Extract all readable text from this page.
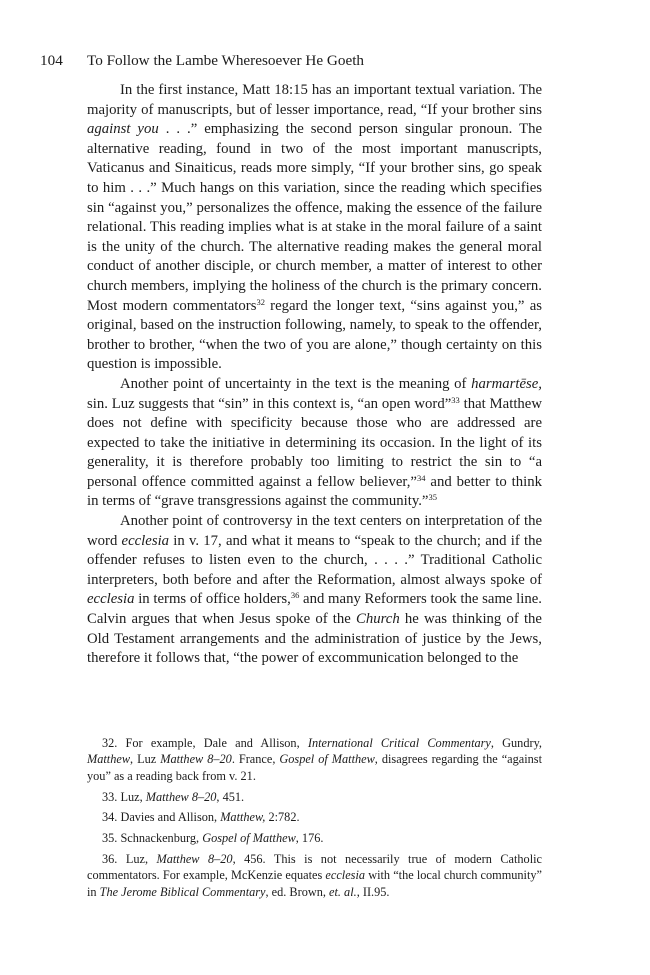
104 To Follow the Lambe Wheresoever He Goeth

In the first instance, Matt 18:15 has an important textual variation. The majority of manuscripts, but of lesser importance, read, “If your brother sins against you . . .” emphasizing the second person singular pronoun. The alternative reading, found in two of the most important manuscripts, Vaticanus and Sinaiticus, reads more simply, “If your brother sins, go speak to him . . .” Much hangs on this variation, since the reading which specifies sin “against you,” personalizes the offence, making the essence of the failure relational. This reading implies what is at stake in the moral failure of a saint is the unity of the church. The alternative reading makes the general moral conduct of another disciple, or church member, a matter of interest to other church members, implying the holiness of the church is the primary concern. Most modern commentators$^{32}$ regard the longer text, “sins against you,” as original, based on the instruction following, namely, to speak to the offender, brother to brother, “when the two of you are alone,” though certainty on this question is impossible.

Another point of uncertainty in the text is the meaning of harmartēse, sin. Luz suggests that “sin” in this context is, “an open word”$^{33}$ that Matthew does not define with specificity because those who are addressed are expected to take the initiative in determining its occasion. In the light of its generality, it is therefore probably too limiting to restrict the sin to “a personal offence committed against a fellow believer,”$^{34}$ and better to think in terms of “grave transgressions against the community.”$^{35}$

Another point of controversy in the text centers on interpretation of the word ecclesia in v. 17, and what it means to “speak to the church; and if the offender refuses to listen even to the church, . . . .” Traditional Catholic interpreters, both before and after the Reformation, almost always spoke of ecclesia in terms of office holders,$^{36}$ and many Reformers took the same line. Calvin argues that when Jesus spoke of the Church he was thinking of the Old Testament arrangements and the administration of justice by the Jews, therefore it follows that, “the power of excommunication belonged to the

32. For example, Dale and Allison, International Critical Commentary, Gundry, Matthew, Luz Matthew 8–20. France, Gospel of Matthew, disagrees regarding the “against you” as a reading back from v. 21.

33. Luz, Matthew 8–20, 451.

34. Davies and Allison, Matthew, 2:782.

35. Schnackenburg, Gospel of Matthew, 176.

36. Luz, Matthew 8–20, 456. This is not necessarily true of modern Catholic commentators. For example, McKenzie equates ecclesia with “the local church community” in The Jerome Biblical Commentary, ed. Brown, et. al., II.95.
